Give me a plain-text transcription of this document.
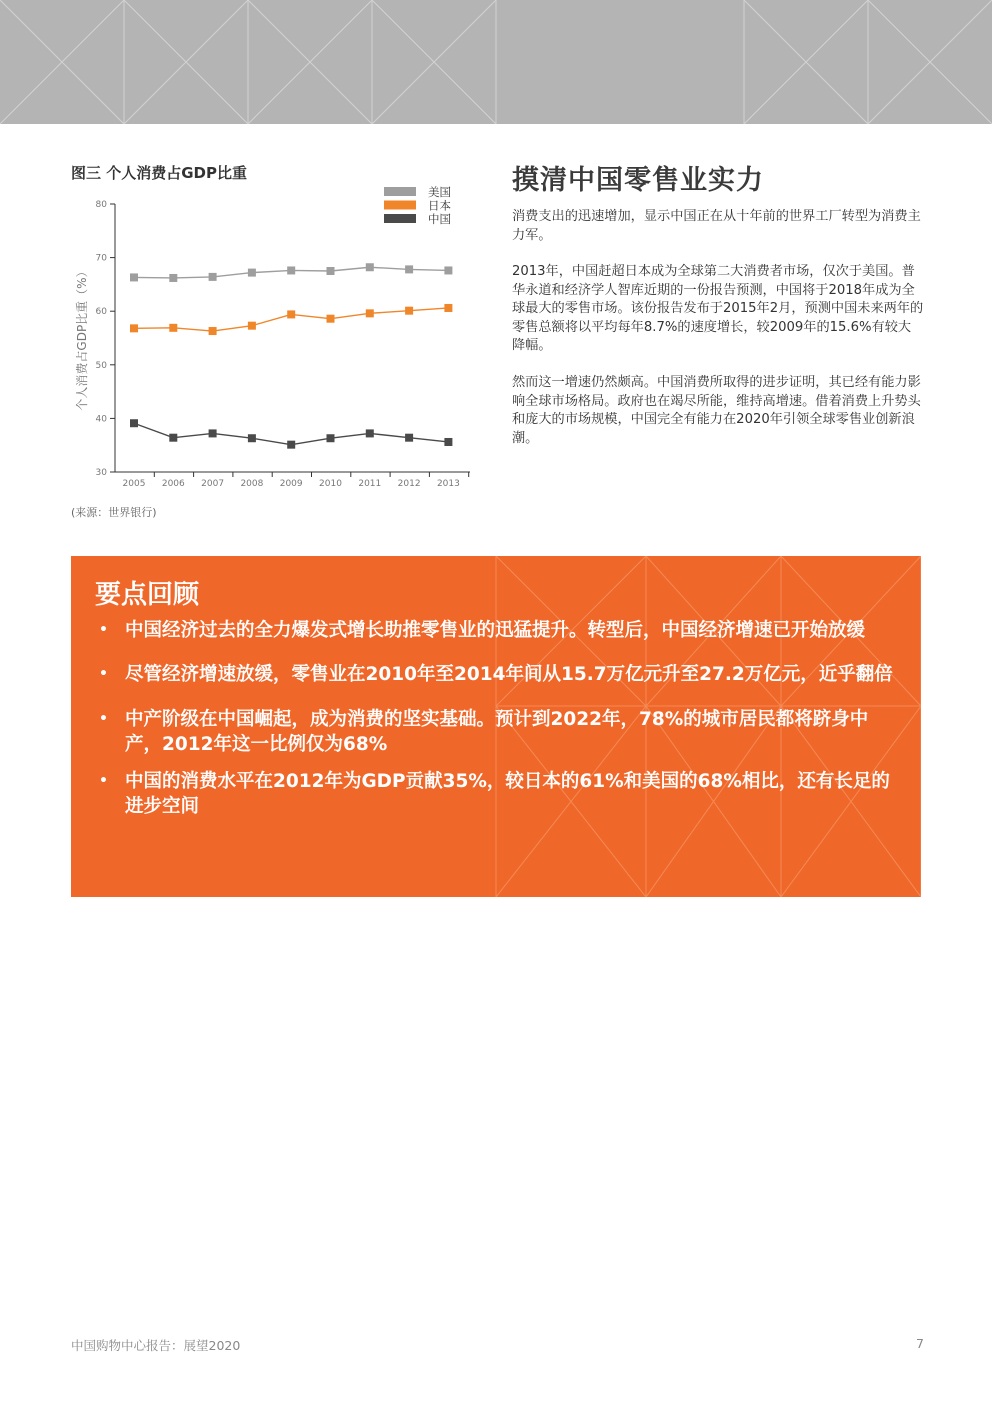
图三 个人消费占GDP比重
30
40
50
60
70
80
2005 2006 2007 2008 2009 2010 2011 2012 2013
个人消费占GDP比重（%）
美国
日本
中国
(来源：世界银行)
摸清中国零售业实力
消费支出的迅速增加，显示中国正在从十年前的世界工厂转型为消费主力军。
2013年，中国赶超日本成为全球第二大消费者市场，仅次于美国。普华永道和经济学人智库近期的一份报告预测，中国将于2018年成为全球最大的零售市场。该份报告发布于2015年2月，预测中国未来两年的零售总额将以平均每年8.7%的速度增长，较2009年的15.6%有较大降幅。
然而这一增速仍然颇高。中国消费所取得的进步证明，其已经有能力影响全球市场格局。政府也在竭尽所能，维持高增速。借着消费上升势头和庞大的市场规模，中国完全有能力在2020年引领全球零售业创新浪潮。
要点回顾
• 中国经济过去的全力爆发式增长助推零售业的迅猛提升。转型后，中国经济增速已开始放缓
• 尽管经济增速放缓，零售业在2010年至2014年间从15.7万亿元升至27.2万亿元，近乎翻倍
• 中产阶级在中国崛起，成为消费的坚实基础。预计到2022年，78%的城市居民都将跻身中产，2012年这一比例仅为68%
• 中国的消费水平在2012年为GDP贡献35%，较日本的61%和美国的68%相比，还有长足的进步空间
中国购物中心报告：展望2020	7
